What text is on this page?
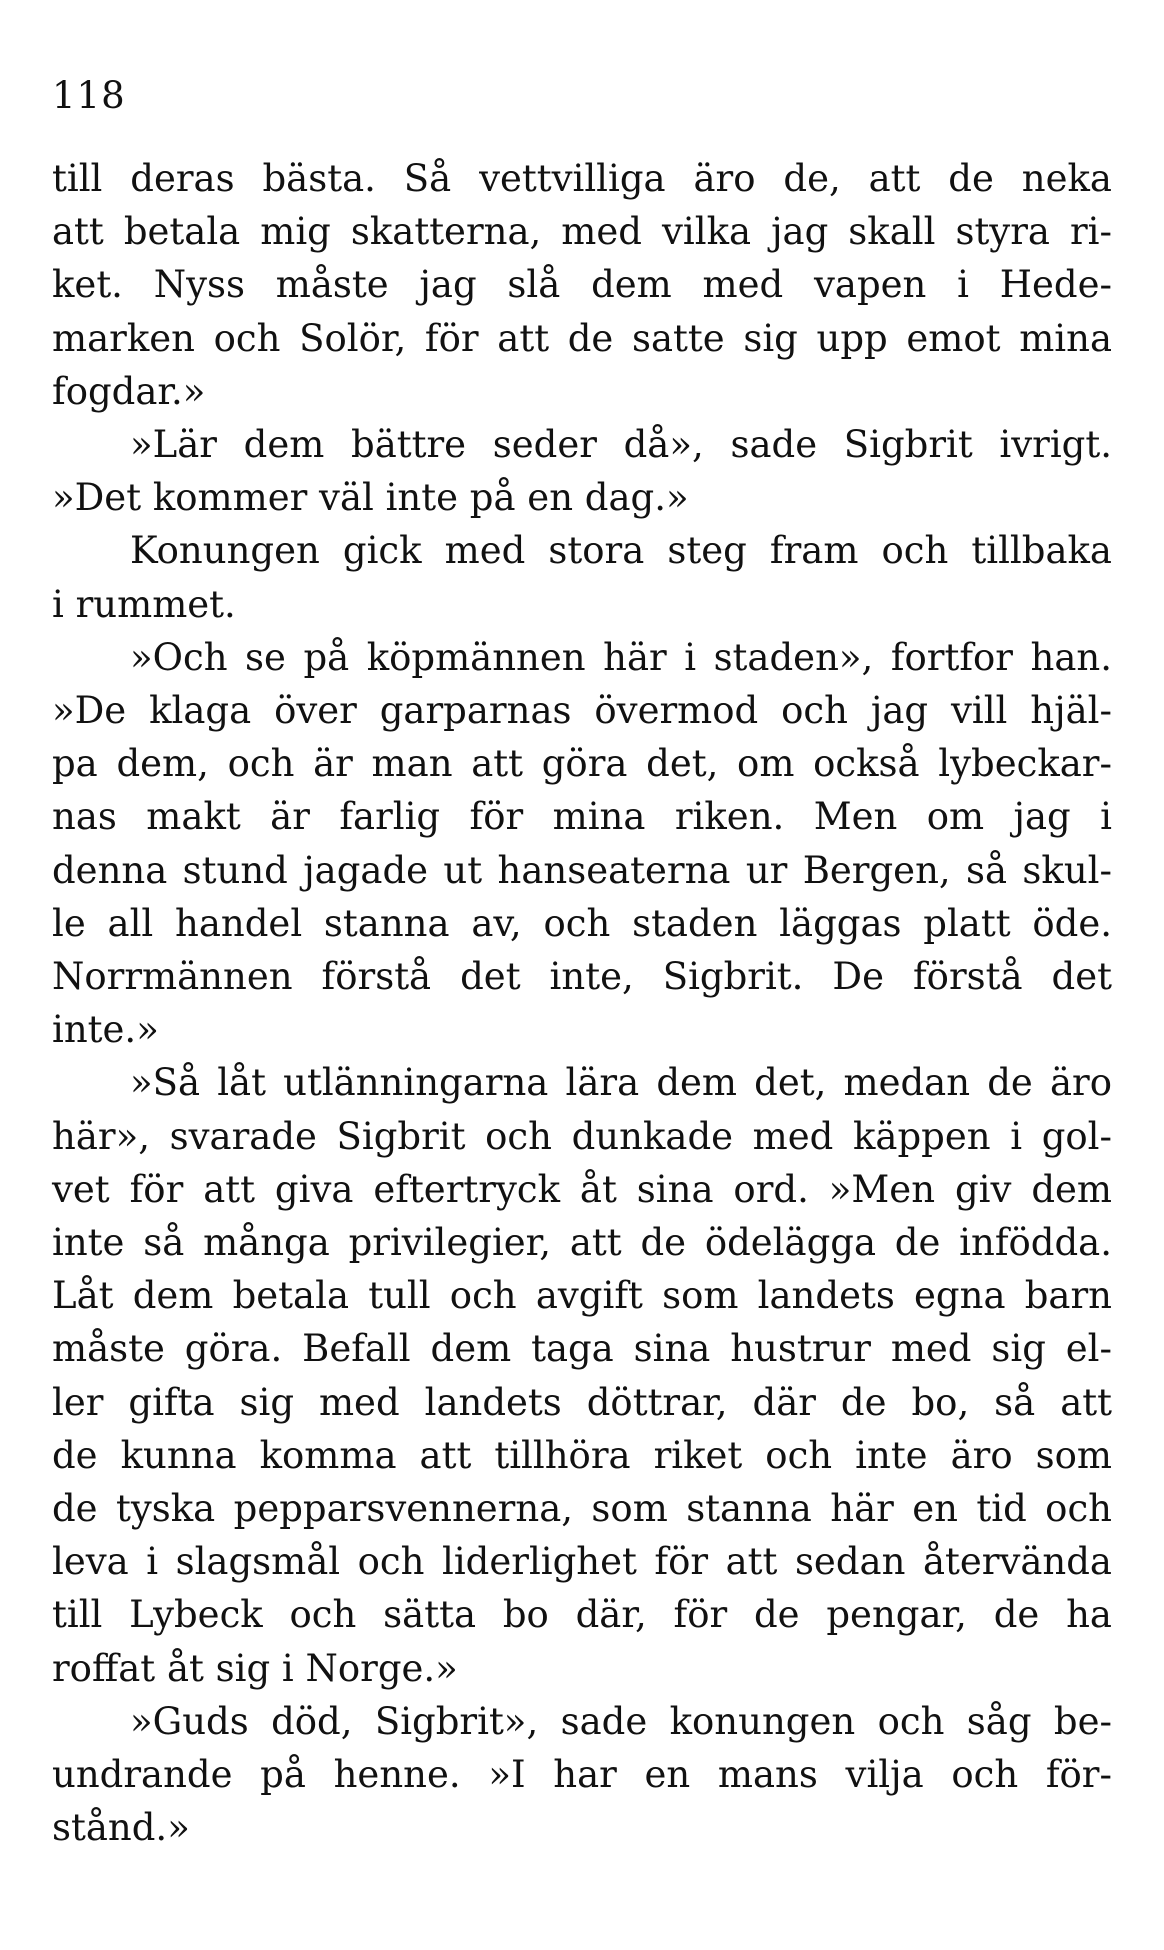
118
till deras bästa. Så vettvilliga äro de, att de neka
att betala mig skatterna, med vilka jag skall styra ri-
ket. Nyss måste jag slå dem med vapen i Hede-
marken och Solör, för att de satte sig upp emot mina
fogdar.»
»Lär dem bättre seder då», sade Sigbrit ivrigt.
»Det kommer väl inte på en dag.»
Konungen gick med stora steg fram och tillbaka
i rummet.
»Och se på köpmännen här i staden», fortfor han.
»De klaga över garparnas övermod och jag vill hjäl-
pa dem, och är man att göra det, om också lybeckar-
nas makt är farlig för mina riken. Men om jag i
denna stund jagade ut hanseaterna ur Bergen, så skul-
le all handel stanna av, och staden läggas platt öde.
Norrmännen förstå det inte, Sigbrit. De förstå det
inte.»
»Så låt utlänningarna lära dem det, medan de äro
här», svarade Sigbrit och dunkade med käppen i gol-
vet för att giva eftertryck åt sina ord. »Men giv dem
inte så många privilegier, att de ödelägga de infödda.
Låt dem betala tull och avgift som landets egna barn
måste göra. Befall dem taga sina hustrur med sig el-
ler gifta sig med landets döttrar, där de bo, så att
de kunna komma att tillhöra riket och inte äro som
de tyska pepparsvennerna, som stanna här en tid och
leva i slagsmål och liderlighet för att sedan återvända
till Lybeck och sätta bo där, för de pengar, de ha
roffat åt sig i Norge.»
»Guds död, Sigbrit», sade konungen och såg be-
undrande på henne. »I har en mans vilja och för-
stånd.»
